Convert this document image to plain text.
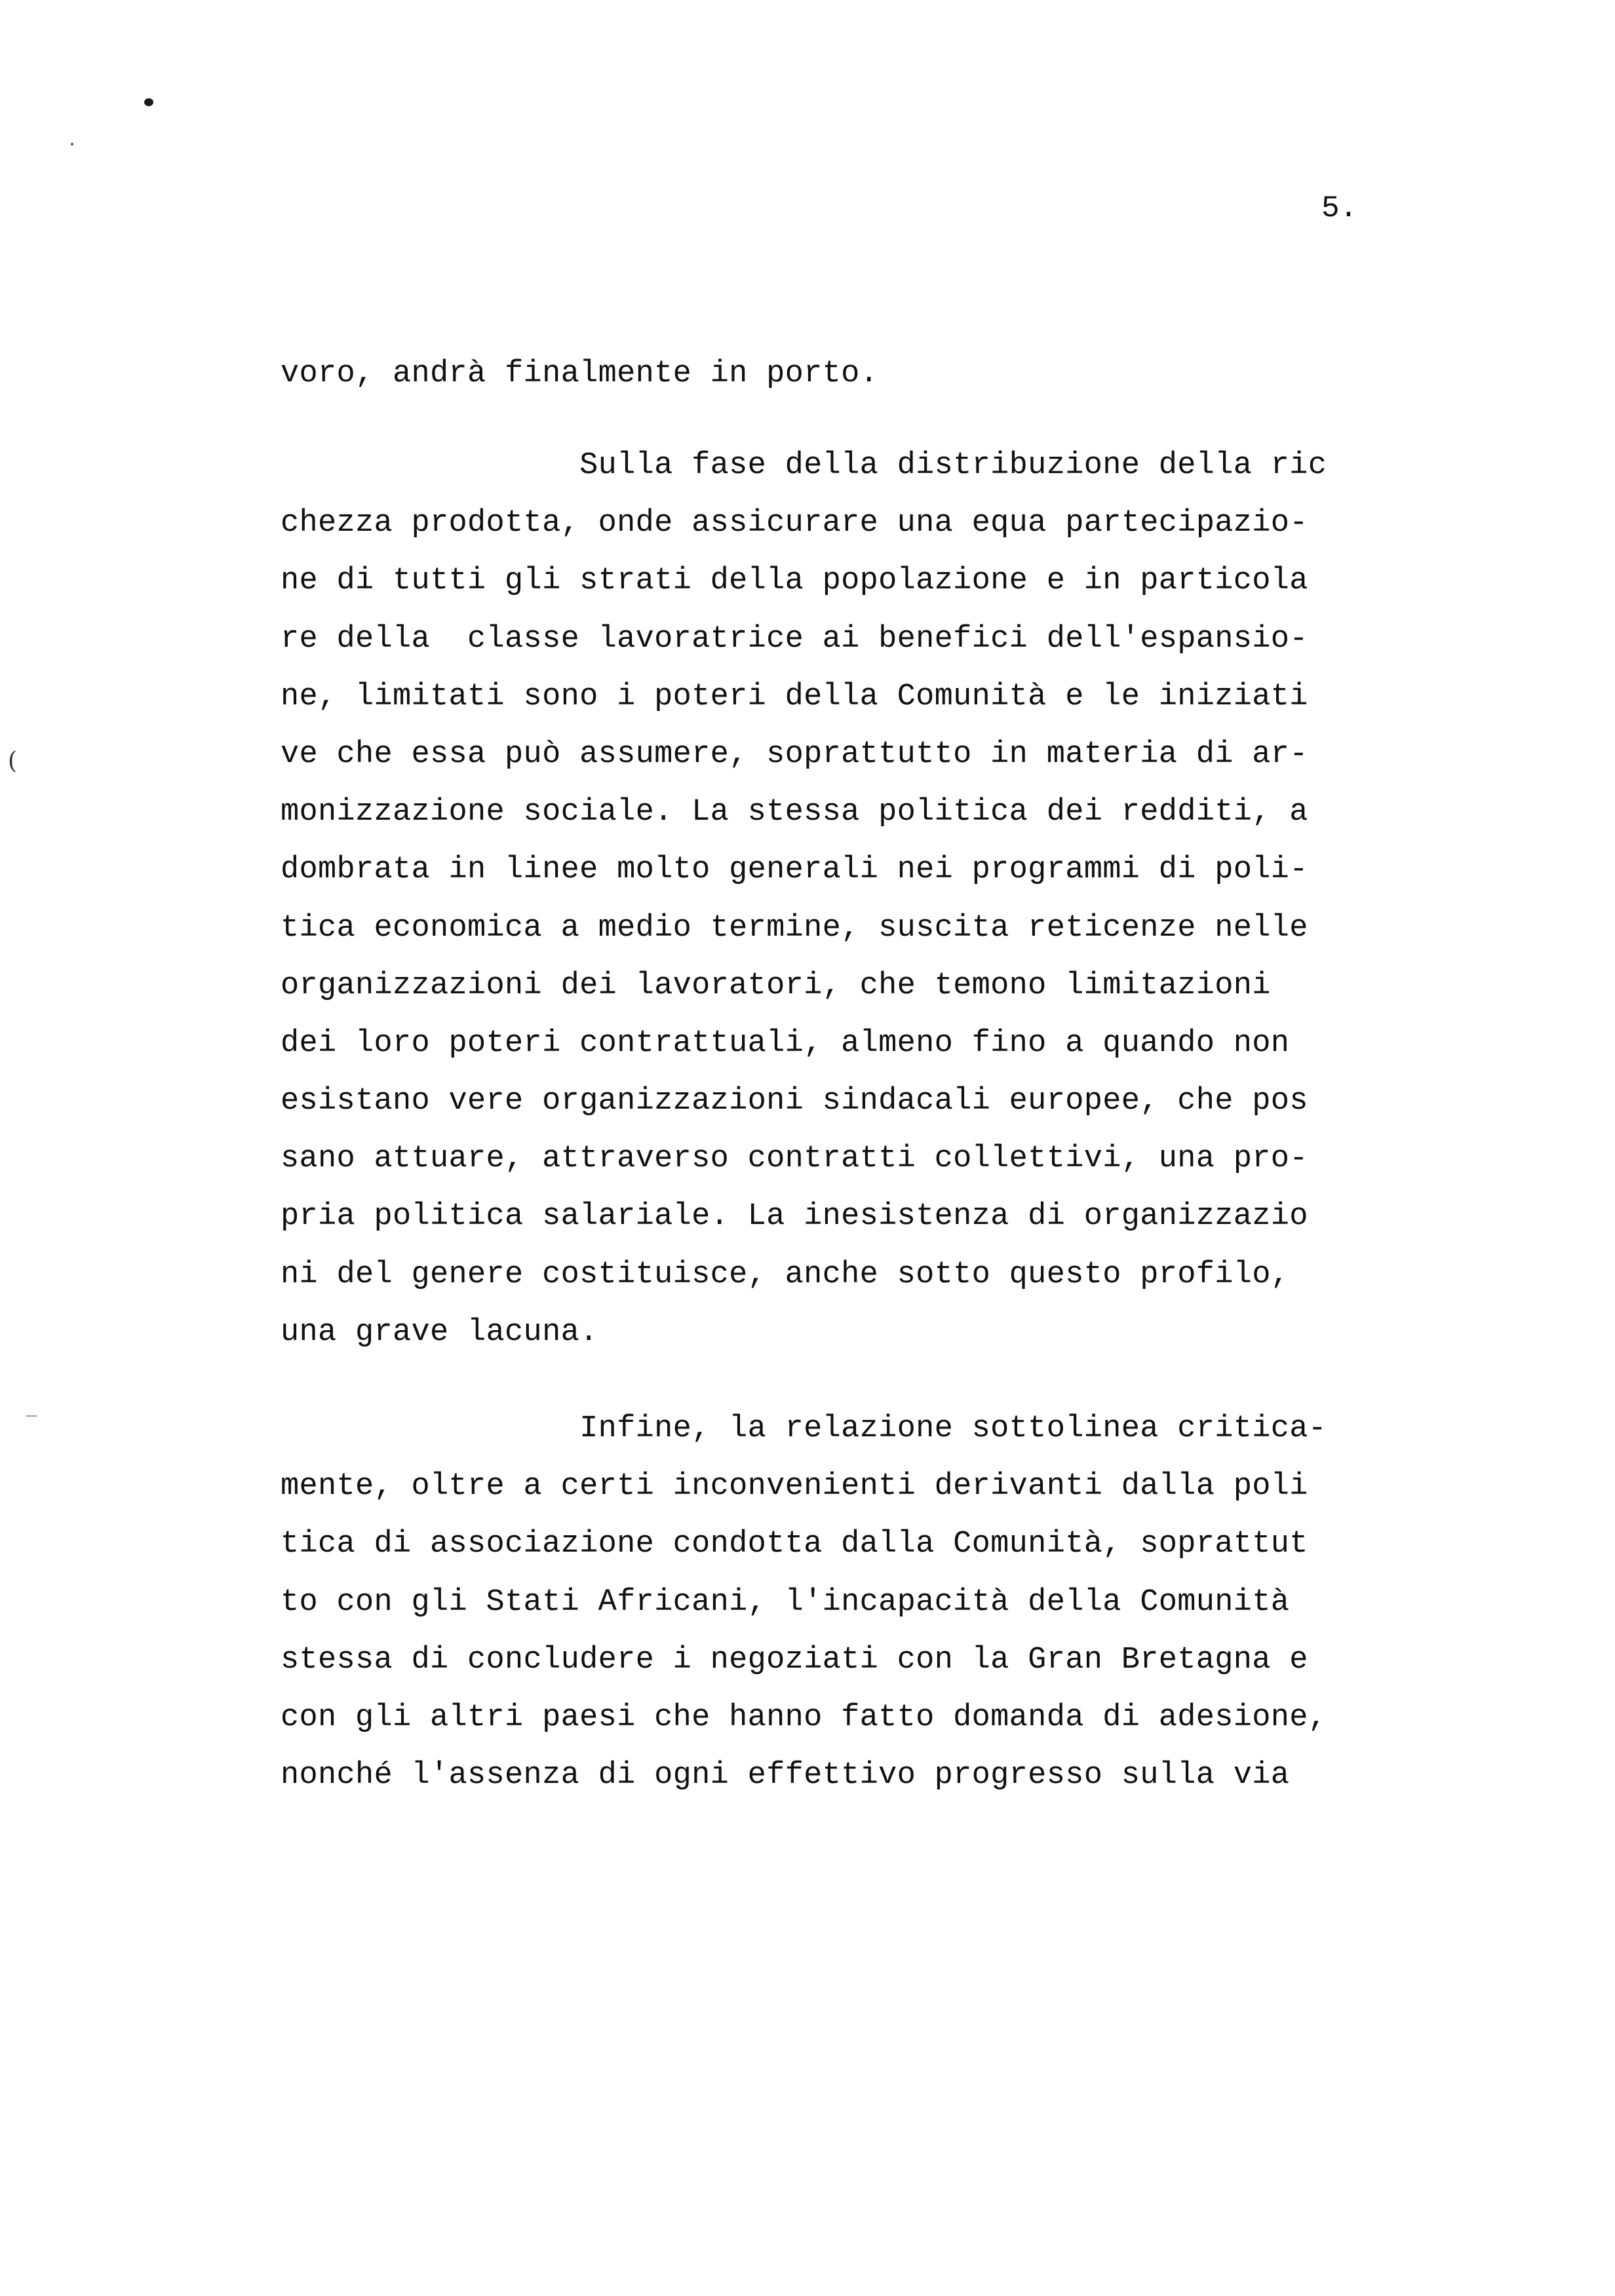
(
5.
voro, andrà finalmente in porto.
Sulla fase della distribuzione della ric
chezza prodotta, onde assicurare una equa partecipazio-
ne di tutti gli strati della popolazione e in particola
re della  classe lavoratrice ai benefici dell'espansio-
ne, limitati sono i poteri della Comunità e le iniziati
ve che essa può assumere, soprattutto in materia di ar-
monizzazione sociale. La stessa politica dei redditi, a
dombrata in linee molto generali nei programmi di poli-
tica economica a medio termine, suscita reticenze nelle
organizzazioni dei lavoratori, che temono limitazioni
dei loro poteri contrattuali, almeno fino a quando non
esistano vere organizzazioni sindacali europee, che pos
sano attuare, attraverso contratti collettivi, una pro-
pria politica salariale. La inesistenza di organizzazio
ni del genere costituisce, anche sotto questo profilo,
una grave lacuna.
Infine, la relazione sottolinea critica-
mente, oltre a certi inconvenienti derivanti dalla poli
tica di associazione condotta dalla Comunità, soprattut
to con gli Stati Africani, l'incapacità della Comunità
stessa di concludere i negoziati con la Gran Bretagna e
con gli altri paesi che hanno fatto domanda di adesione,
nonché l'assenza di ogni effettivo progresso sulla via
